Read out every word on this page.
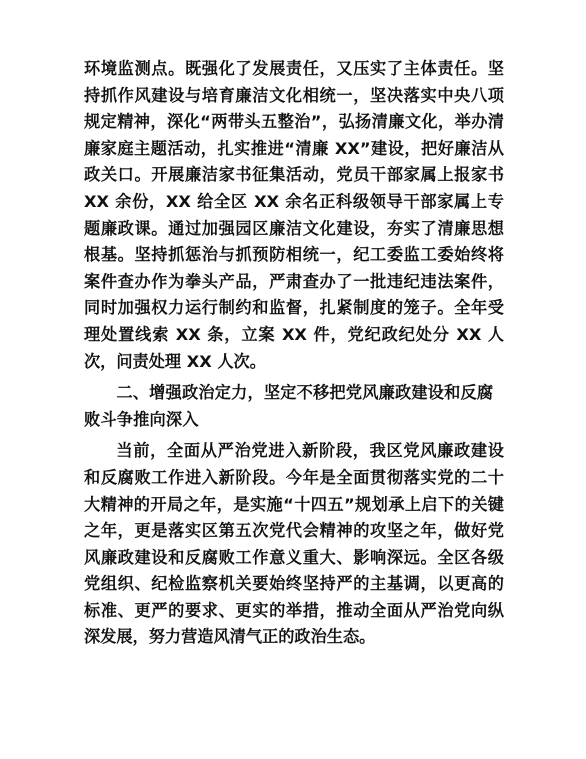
环境监测点。既强化了发展责任，又压实了主体责任。坚持抓作风建设与培育廉洁文化相统一，坚决落实中央八项规定精神，深化“两带头五整治”，弘扬清廉文化，举办清廉家庭主题活动，扎实推进“清廉 XX”建设，把好廉洁从政关口。开展廉洁家书征集活动，党员干部家属上报家书 XX 余份，XX 给全区 XX 余名正科级领导干部家属上专题廉政课。通过加强园区廉洁文化建设，夯实了清廉思想根基。坚持抓惩治与抓预防相统一，纪工委监工委始终将案件查办作为拳头产品，严肃查办了一批违纪违法案件，同时加强权力运行制约和监督，扎紧制度的笼子。全年受理处置线索 XX 条，立案 XX 件，党纪政纪处分 XX 人次，问责处理 XX 人次。

二、增强政治定力，坚定不移把党风廉政建设和反腐败斗争推向深入

当前，全面从严治党进入新阶段，我区党风廉政建设和反腐败工作进入新阶段。今年是全面贯彻落实党的二十大精神的开局之年，是实施“十四五”规划承上启下的关键之年，更是落实区第五次党代会精神的攻坚之年，做好党风廉政建设和反腐败工作意义重大、影响深远。全区各级党组织、纪检监察机关要始终坚持严的主基调，以更高的标准、更严的要求、更实的举措，推动全面从严治党向纵深发展，努力营造风清气正的政治生态。
